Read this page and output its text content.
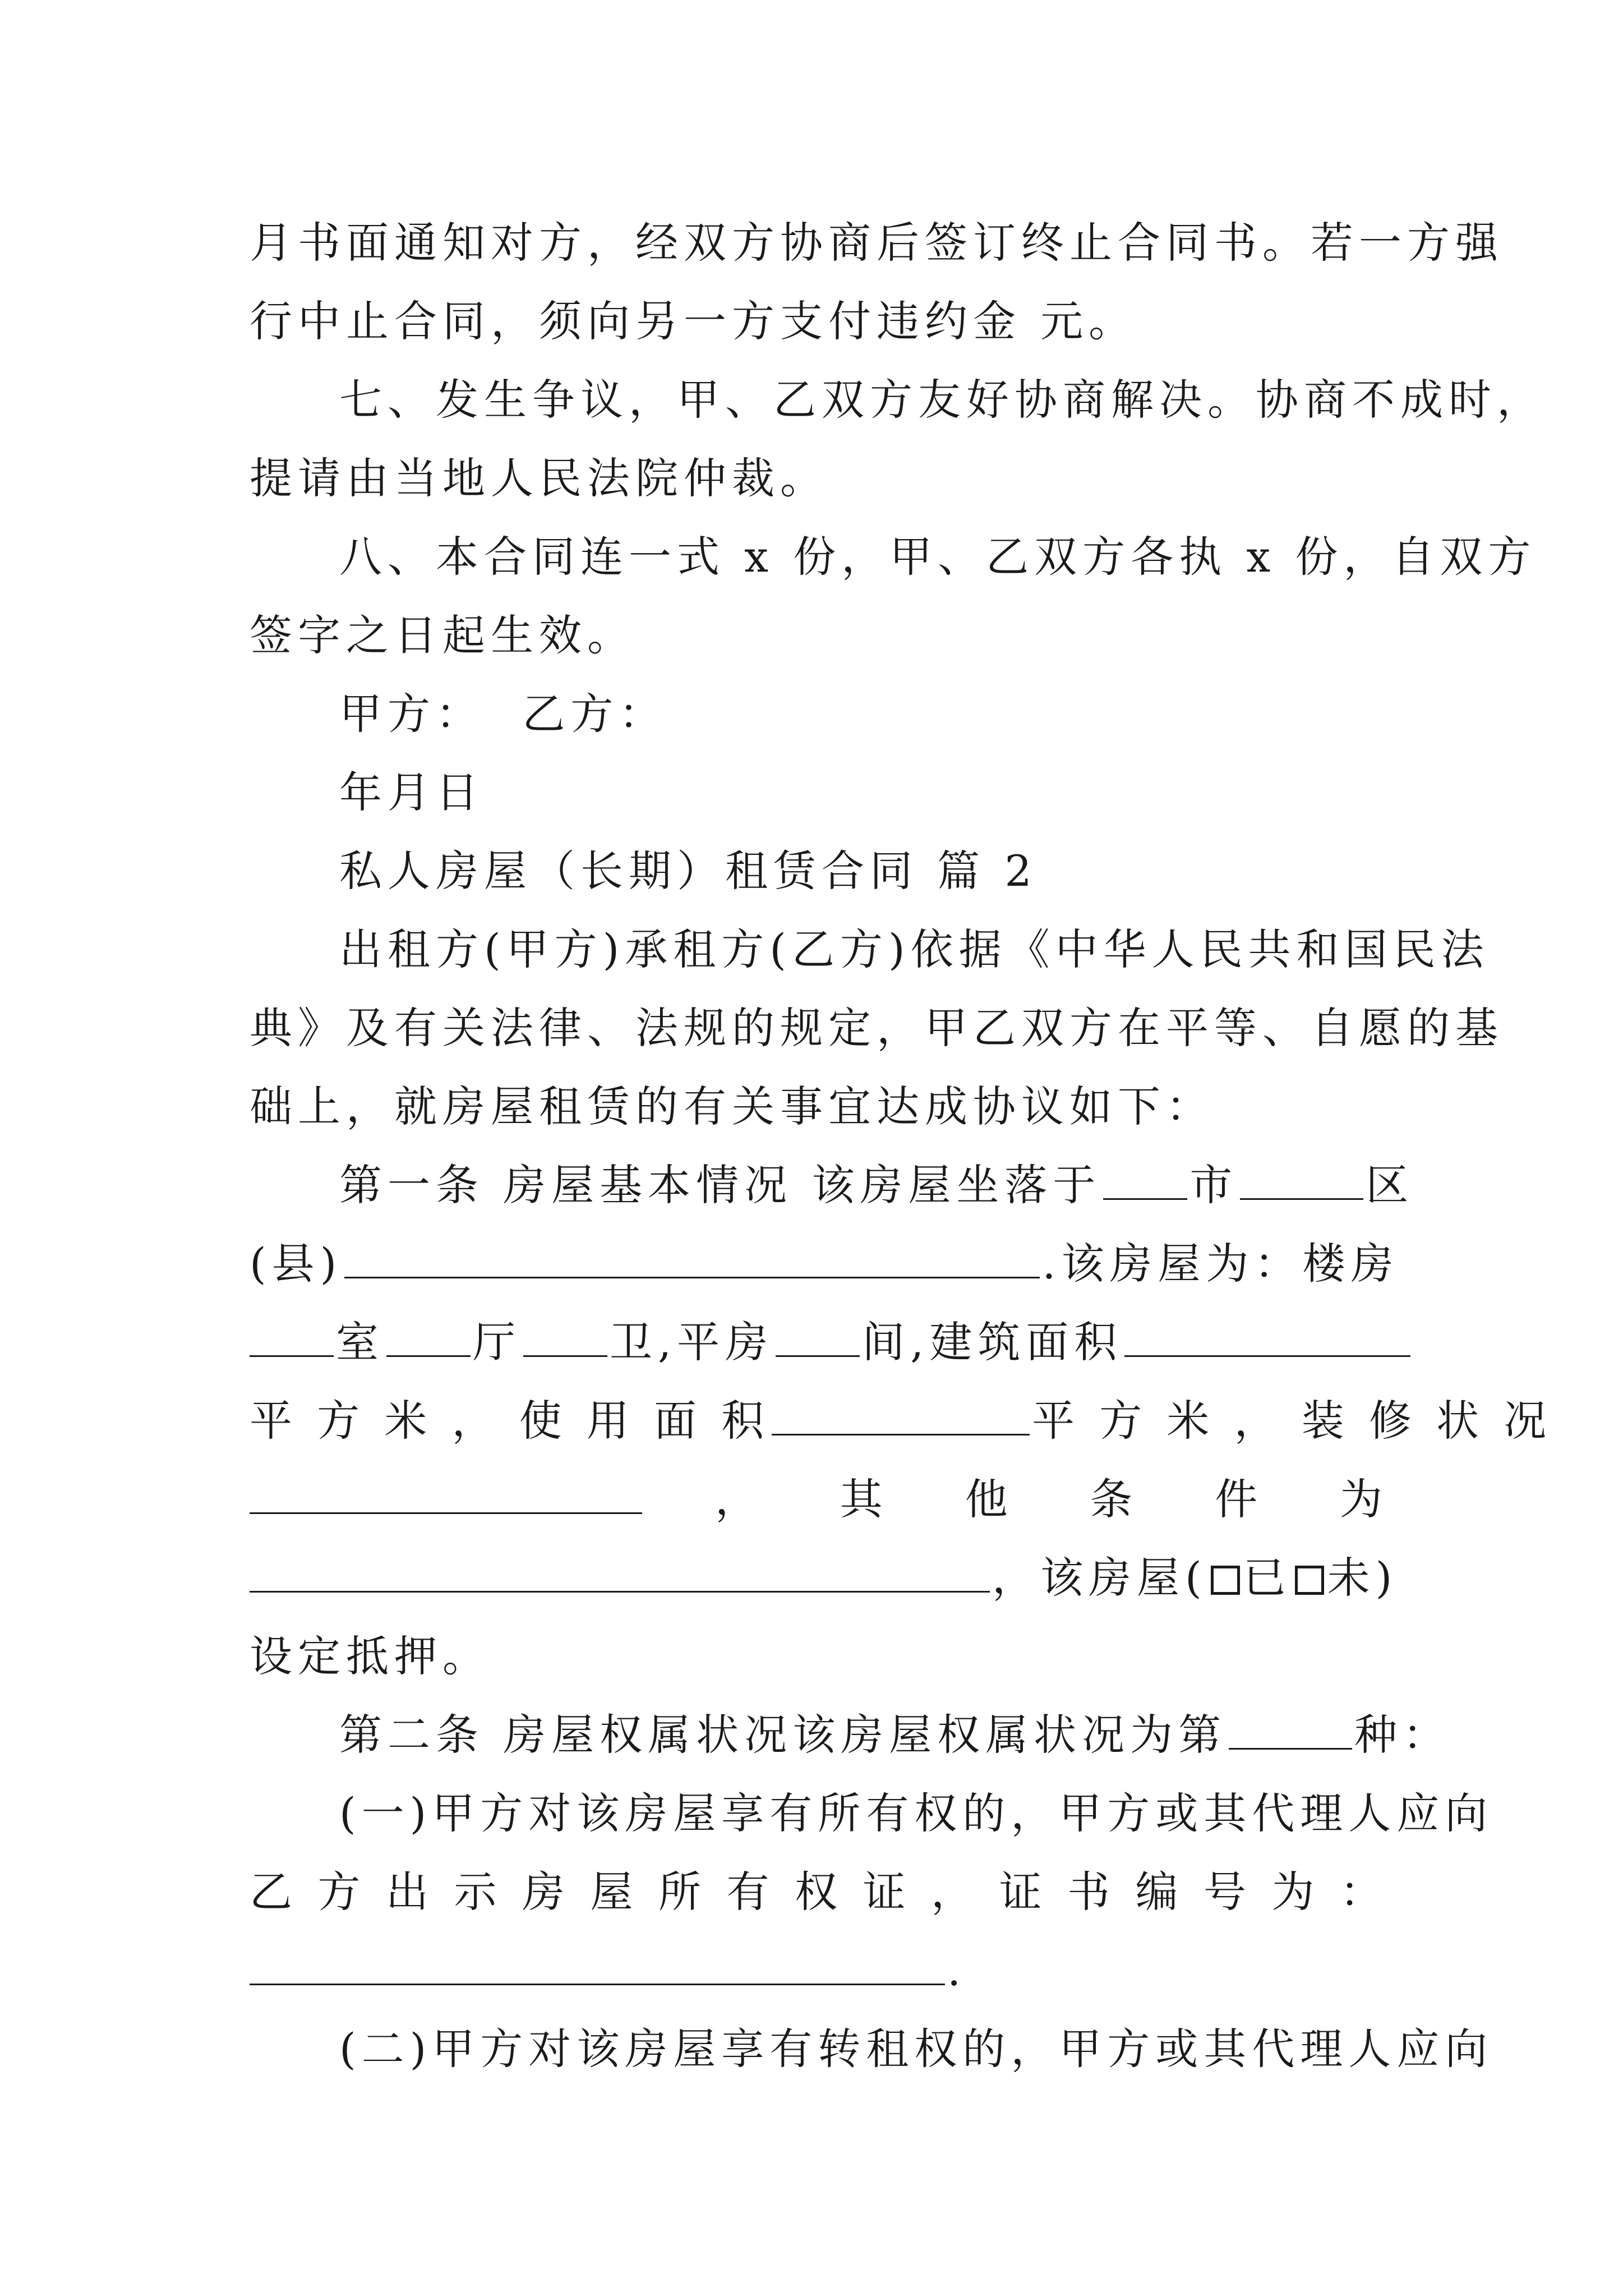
月书面通知对方，经双方协商后签订终止合同书。若一方强
行中止合同，须向另一方支付违约金 元。
七、发生争议，甲、乙双方友好协商解决。协商不成时，
提请由当地人民法院仲裁。
八、本合同连一式 x 份，甲、乙双方各执 x 份，自双方
签字之日起生效。
甲方：  乙方：
年月日
私人房屋（长期）租赁合同 篇 2
出租方(甲方)承租方(乙方)依据《中华人民共和国民法
典》及有关法律、法规的规定，甲乙双方在平等、自愿的基
础上，就房屋租赁的有关事宜达成协议如下：
第一条 房屋基本情况 该房屋坐落于 市	区
(县)	.该房屋为：楼房
室 厅 卫,平房 间,建筑面积
平 方 米 ， 使 用 面 积	平 方 米 ， 装 修 状 况
， 其 他 条 件 为
，该房屋( 已 未)
设定抵押。
第二条 房屋权属状况该房屋权属状况为第	种：
(一)甲方对该房屋享有所有权的，甲方或其代理人应向
乙 方 出 示 房 屋 所 有 权 证 ， 证 书 编 号 为 ：
.
(二)甲方对该房屋享有转租权的，甲方或其代理人应向
